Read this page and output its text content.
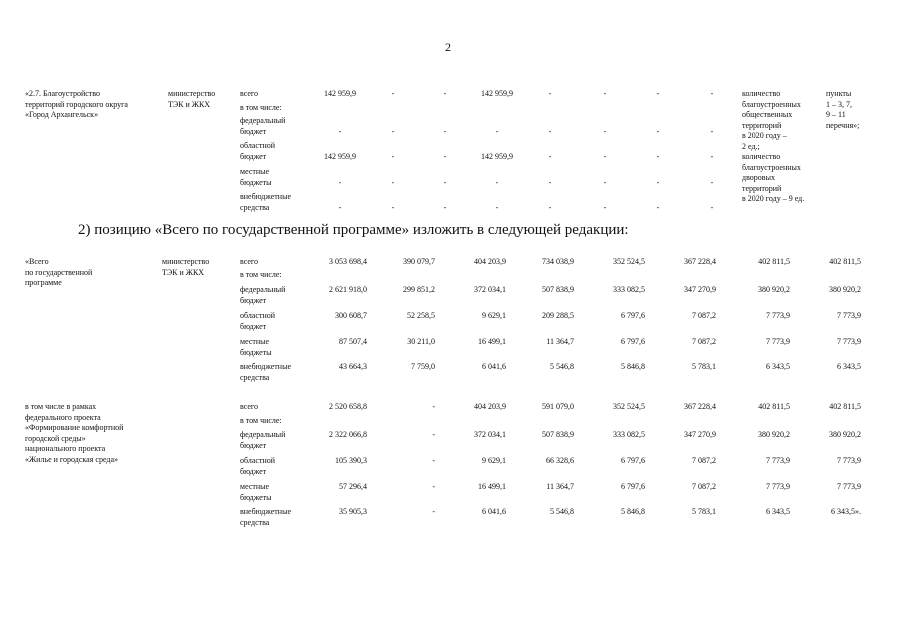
2
2) позицию «Всего по государственной программе» изложить в следующей редакции:
«2.7. Благоустройство
территорий городского округа
«Город Архангельск»
министерство
ТЭК и ЖКХ
всего	142 959,9	-	-	142 959,9	-	-	-	-
в том числе:
федеральный
бюджет	-	-	-	-	-	-	-	-
областной
бюджет	142 959,9	-	-	142 959,9	-	-	-	-
местные
бюджеты	-	-	-	-	-	-	-	-
внебюджетные
средства	-	-	-	-	-	-	-	-
количество
благоустроенных
общественных
территорий
в 2020 году –
2 ед.;
количество
благоустроенных
дворовых
территорий
в 2020 году – 9 ед.
пункты
1 – 3, 7,
9 – 11
перечня»;
«Всего
по государственной
программе
министерство
ТЭК и ЖКХ
всего	3 053 698,4	390 079,7	404 203,9	734 038,9	352 524,5	367 228,4	402 811,5	402 811,5
в том числе:
федеральный
бюджет
2 621 918,0	299 851,2	372 034,1	507 838,9	333 082,5	347 270,9	380 920,2	380 920,2
областной
бюджет
300 608,7	52 258,5	9 629,1	209 288,5	6 797,6	7 087,2	7 773,9	7 773,9
местные
бюджеты
87 507,4	30 211,0	16 499,1	11 364,7	6 797,6	7 087,2	7 773,9	7 773,9
внебюджетные
средства
43 664,3	7 759,0	6 041,6	5 546,8	5 846,8	5 783,1	6 343,5	6 343,5
в том числе в рамках
федерального проекта
«Формирование комфортной
городской среды»
национального проекта
«Жилье и городская среда»
всего	2 520 658,8	-	404 203,9	591 079,0	352 524,5	367 228,4	402 811,5	402 811,5
в том числе:
федеральный
бюджет
2 322 066,8	-	372 034,1	507 838,9	333 082,5	347 270,9	380 920,2	380 920,2
областной
бюджет
105 390,3	-	9 629,1	66 328,6	6 797,6	7 087,2	7 773,9	7 773,9
местные
бюджеты
57 296,4	-	16 499,1	11 364,7	6 797,6	7 087,2	7 773,9	7 773,9
внебюджетные
средства
35 905,3	-	6 041,6	5 546,8	5 846,8	5 783,1	6 343,5	6 343,5».
